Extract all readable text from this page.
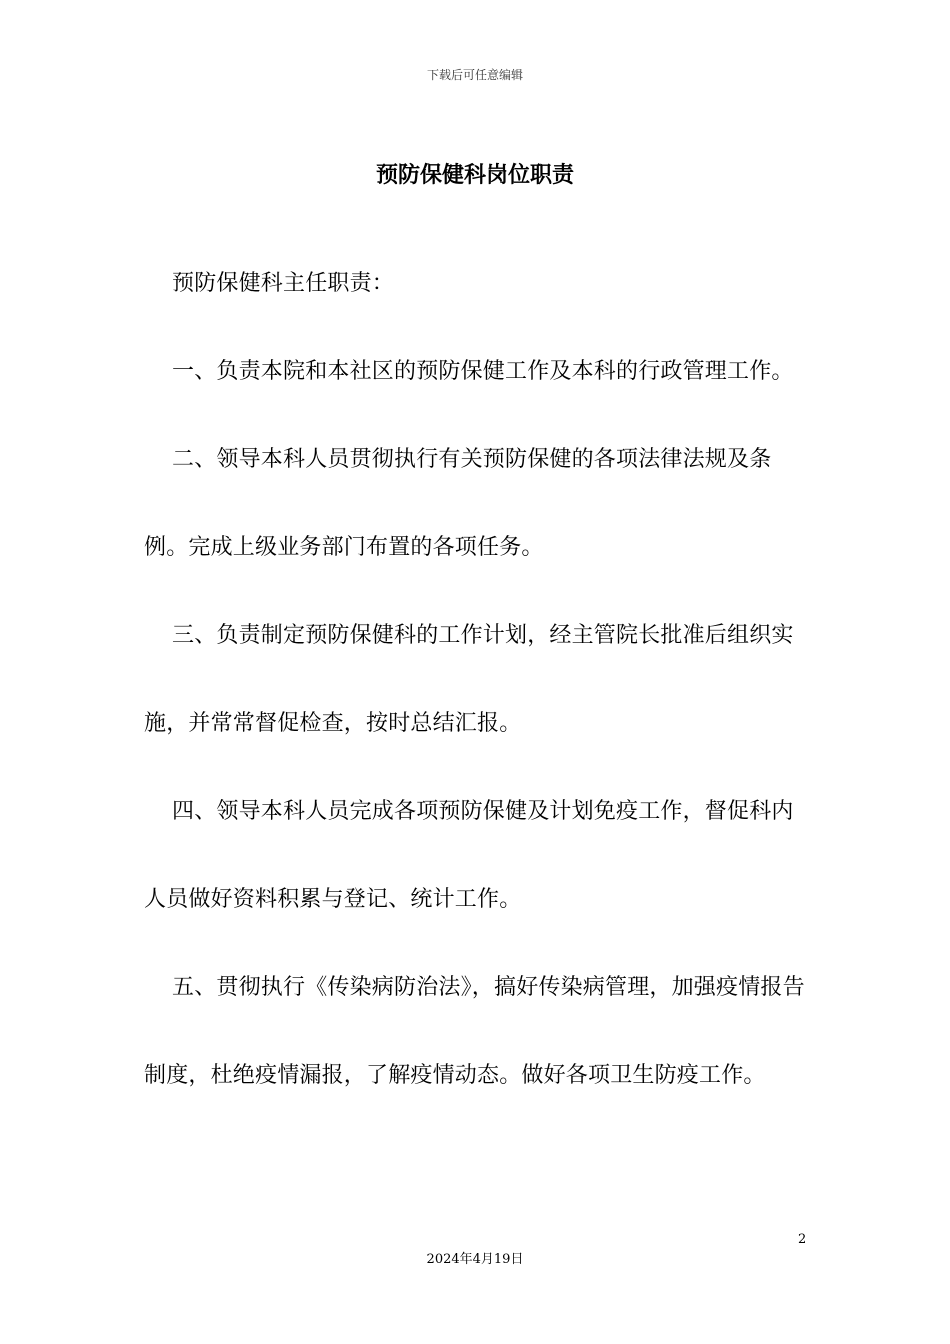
下载后可任意编辑
预防保健科岗位职责

预防保健科主任职责：

一、负责本院和本社区的预防保健工作及本科的行政管理工作。

二、领导本科人员贯彻执行有关预防保健的各项法律法规及条例。完成上级业务部门布置的各项任务。

三、负责制定预防保健科的工作计划，经主管院长批准后组织实施，并常常督促检查，按时总结汇报。

四、领导本科人员完成各项预防保健及计划免疫工作，督促科内人员做好资料积累与登记、统计工作。

五、贯彻执行《传染病防治法》，搞好传染病管理，加强疫情报告制度，杜绝疫情漏报，了解疫情动态。做好各项卫生防疫工作。

2
2024年4月19日
